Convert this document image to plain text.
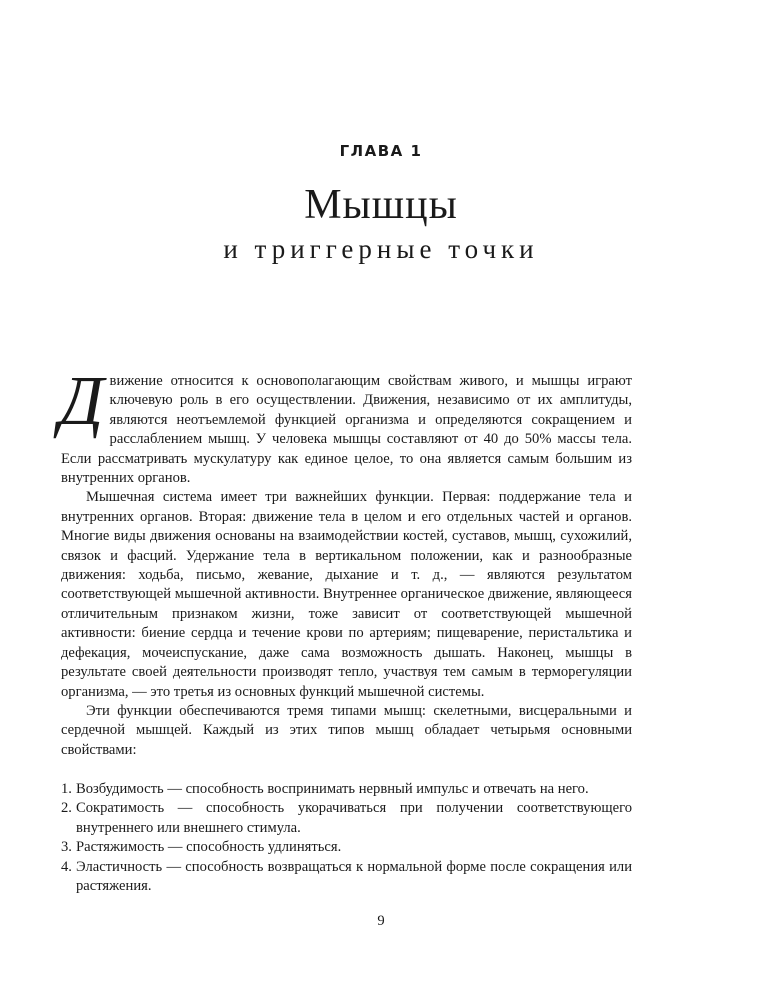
ГЛАВА 1
Мышцы
и триггерные точки

Движение относится к основополагающим свойствам живого, и мышцы играют ключевую роль в его осуществлении. Движения, независимо от их амплитуды, являются неотъемлемой функцией организма и определяются сокращением и расслаблением мышц. У человека мышцы составляют от 40 до 50% массы тела. Если рассматривать мускулатуру как единое целое, то она является самым большим из внутренних органов.

Мышечная система имеет три важнейших функции. Первая: поддержание тела и внутренних органов. Вторая: движение тела в целом и его отдельных частей и органов. Многие виды движения основаны на взаимодействии костей, суставов, мышц, сухожилий, связок и фасций. Удержание тела в вертикальном положении, как и разнообразные движения: ходьба, письмо, жевание, дыхание и т. д., — являются результатом соответствующей мышечной активности. Внутреннее органическое движение, являющееся отличительным признаком жизни, тоже зависит от соответствующей мышечной активности: биение сердца и течение крови по артериям; пищеварение, перистальтика и дефекация, мочеиспускание, даже сама возможность дышать. Наконец, мышцы в результате своей деятельности производят тепло, участвуя тем самым в терморегуляции организма, — это третья из основных функций мышечной системы.

Эти функции обеспечиваются тремя типами мышц: скелетными, висцеральными и сердечной мышцей. Каждый из этих типов мышц обладает четырьмя основными свойствами:

1. Возбудимость — способность воспринимать нервный импульс и отвечать на него.
2. Сократимость — способность укорачиваться при получении соответствующего внутреннего или внешнего стимула.
3. Растяжимость — способность удлиняться.
4. Эластичность — способность возвращаться к нормальной форме после сокращения или растяжения.
9
